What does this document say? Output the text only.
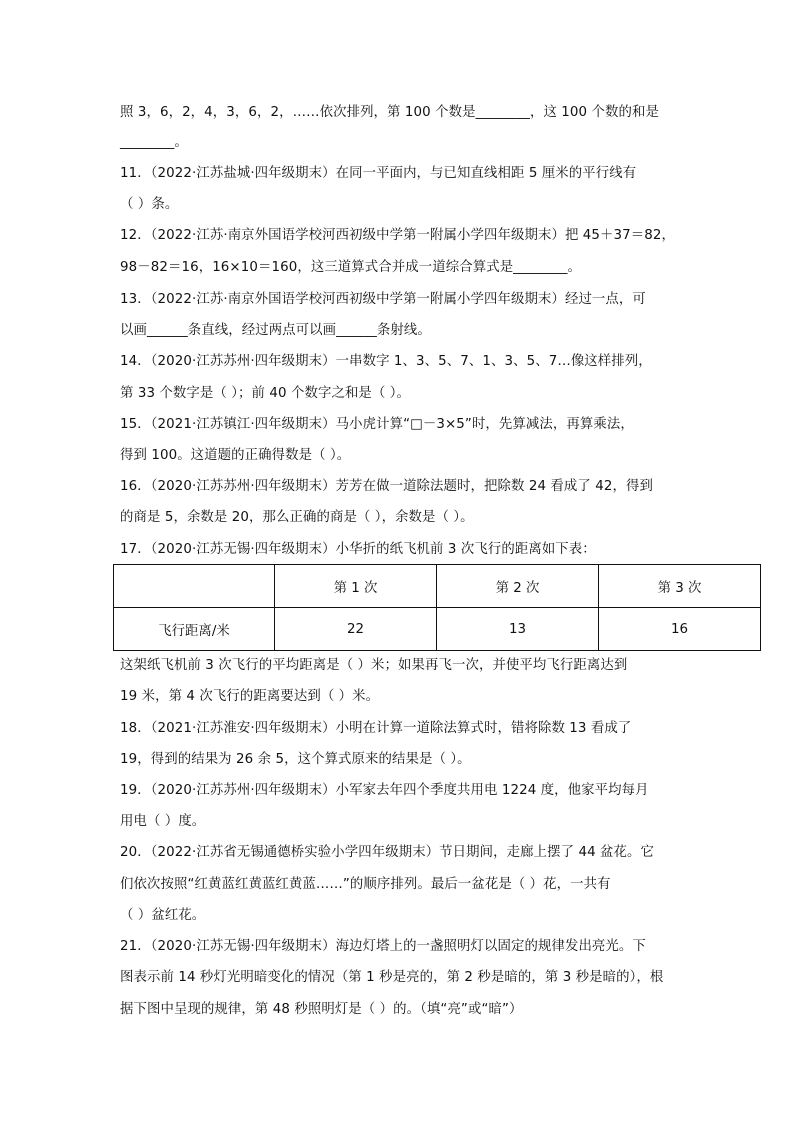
照 3，6，2，4，3，6，2，……依次排列，第 100 个数是________，这 100 个数的和是
________。
11．（2022·江苏盐城·四年级期末）在同一平面内，与已知直线相距 5 厘米的平行线有
（ ）条。
12．（2022·江苏·南京外国语学校河西初级中学第一附属小学四年级期末）把 45＋37＝82，
98－82＝16，16×10＝160，这三道算式合并成一道综合算式是________。
13．（2022·江苏·南京外国语学校河西初级中学第一附属小学四年级期末）经过一点，可
以画______条直线，经过两点可以画______条射线。
14．（2020·江苏苏州·四年级期末）一串数字 1、3、5、7、1、3、5、7…像这样排列，
第 33 个数字是（ ）；前 40 个数字之和是（ ）。
15．（2021·江苏镇江·四年级期末）马小虎计算“□－3×5”时，先算减法，再算乘法，
得到 100。这道题的正确得数是（ ）。
16．（2020·江苏苏州·四年级期末）芳芳在做一道除法题时，把除数 24 看成了 42，得到
的商是 5，余数是 20，那么正确的商是（ ），余数是（ ）。
17．（2020·江苏无锡·四年级期末）小华折的纸飞机前 3 次飞行的距离如下表：
这架纸飞机前 3 次飞行的平均距离是（ ）米；如果再飞一次，并使平均飞行距离达到
19 米，第 4 次飞行的距离要达到（ ）米。
18．（2021·江苏淮安·四年级期末）小明在计算一道除法算式时，错将除数 13 看成了
19，得到的结果为 26 余 5，这个算式原来的结果是（ ）。
19．（2020·江苏苏州·四年级期末）小军家去年四个季度共用电 1224 度，他家平均每月
用电（ ）度。
20．（2022·江苏省无锡通德桥实验小学四年级期末）节日期间，走廊上摆了 44 盆花。它
们依次按照“红黄蓝红黄蓝红黄蓝……”的顺序排列。最后一盆花是（ ）花，一共有
（ ）盆红花。
21．（2020·江苏无锡·四年级期末）海边灯塔上的一盏照明灯以固定的规律发出亮光。下
图表示前 14 秒灯光明暗变化的情况（第 1 秒是亮的，第 2 秒是暗的，第 3 秒是暗的），根
据下图中呈现的规律，第 48 秒照明灯是（ ）的。（填“亮”或“暗”）
	第 1 次	第 2 次	第 3 次
飞行距离/米	22	13	16
